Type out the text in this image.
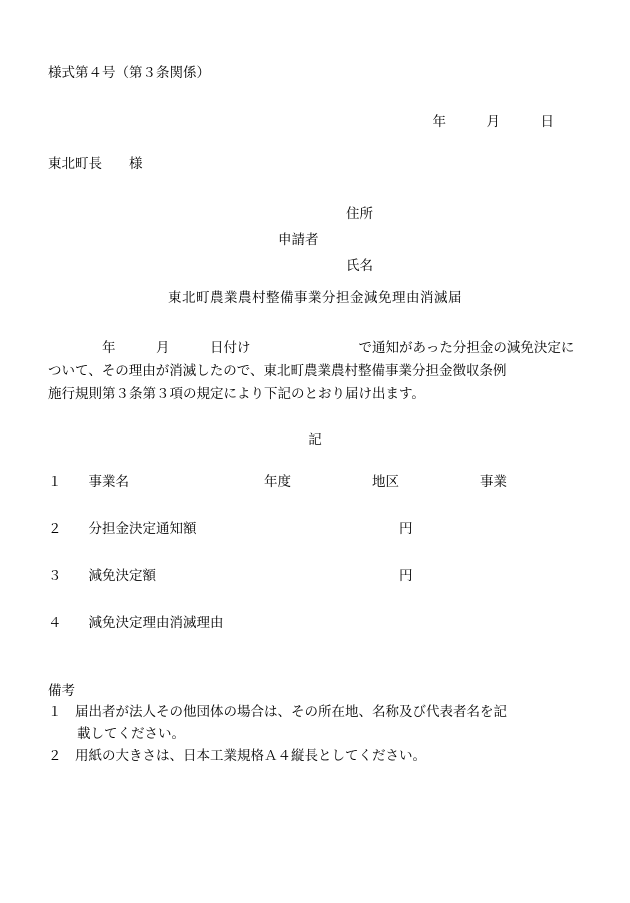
様式第４号（第３条関係）
年　　　月　　　日
東北町長　　様
住所
申請者
氏名
東北町農業農村整備事業分担金減免理由消滅届
　　　　年　　　月　　　日付け　　　　　　　　で通知があった分担金の減免決定に
ついて、その理由が消滅したので、東北町農業農村整備事業分担金徴収条例
施行規則第３条第３項の規定により下記のとおり届け出ます。
記
１　　事業名　　　　　　　　　　年度　　　　　　地区　　　　　　事業
２　　分担金決定通知額　　　　　　　　　　　　　　　円
３　　減免決定額　　　　　　　　　　　　　　　　　　円
４　　減免決定理由消滅理由
備考
１　届出者が法人その他団体の場合は、その所在地、名称及び代表者名を記
載してください。
２　用紙の大きさは、日本工業規格Ａ４縦長としてください。
